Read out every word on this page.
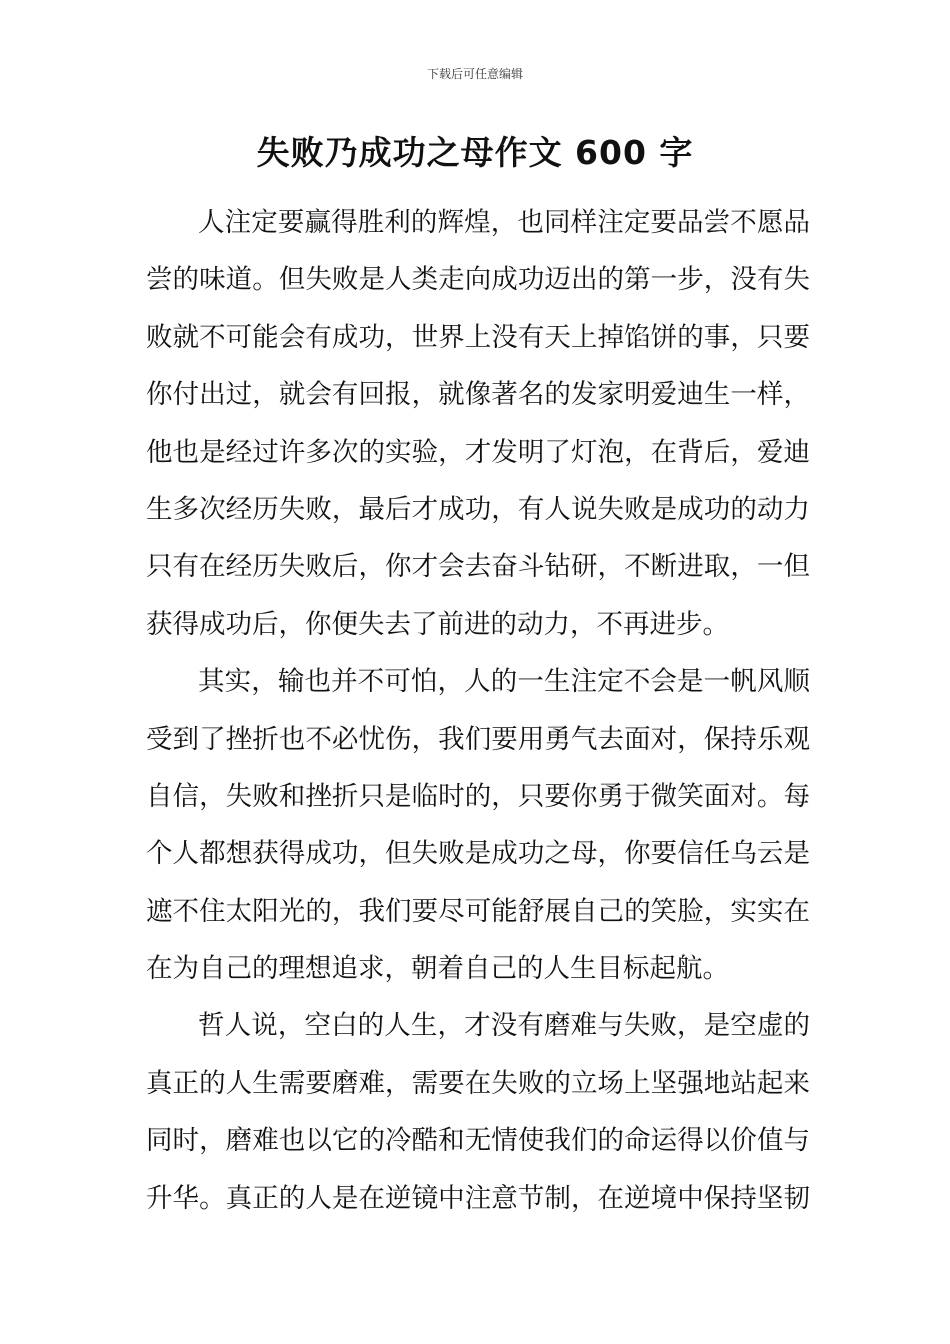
下载后可任意编辑
失败乃成功之母作文 600 字
人注定要赢得胜利的辉煌，也同样注定要品尝不愿品
尝的味道。但失败是人类走向成功迈出的第一步，没有失
败就不可能会有成功，世界上没有天上掉馅饼的事，只要
你付出过，就会有回报，就像著名的发家明爱迪生一样，
他也是经过许多次的实验，才发明了灯泡，在背后，爱迪
生多次经历失败，最后才成功，有人说失败是成功的动力
只有在经历失败后，你才会去奋斗钻研，不断进取，一但
获得成功后，你便失去了前进的动力，不再进步。
其实，输也并不可怕，人的一生注定不会是一帆风顺
受到了挫折也不必忧伤，我们要用勇气去面对，保持乐观
自信，失败和挫折只是临时的，只要你勇于微笑面对。每
个人都想获得成功，但失败是成功之母，你要信任乌云是
遮不住太阳光的，我们要尽可能舒展自己的笑脸，实实在
在为自己的理想追求，朝着自己的人生目标起航。
哲人说，空白的人生，才没有磨难与失败，是空虚的
真正的人生需要磨难，需要在失败的立场上坚强地站起来
同时，磨难也以它的冷酷和无情使我们的命运得以价值与
升华。真正的人是在逆镜中注意节制，在逆境中保持坚韧
